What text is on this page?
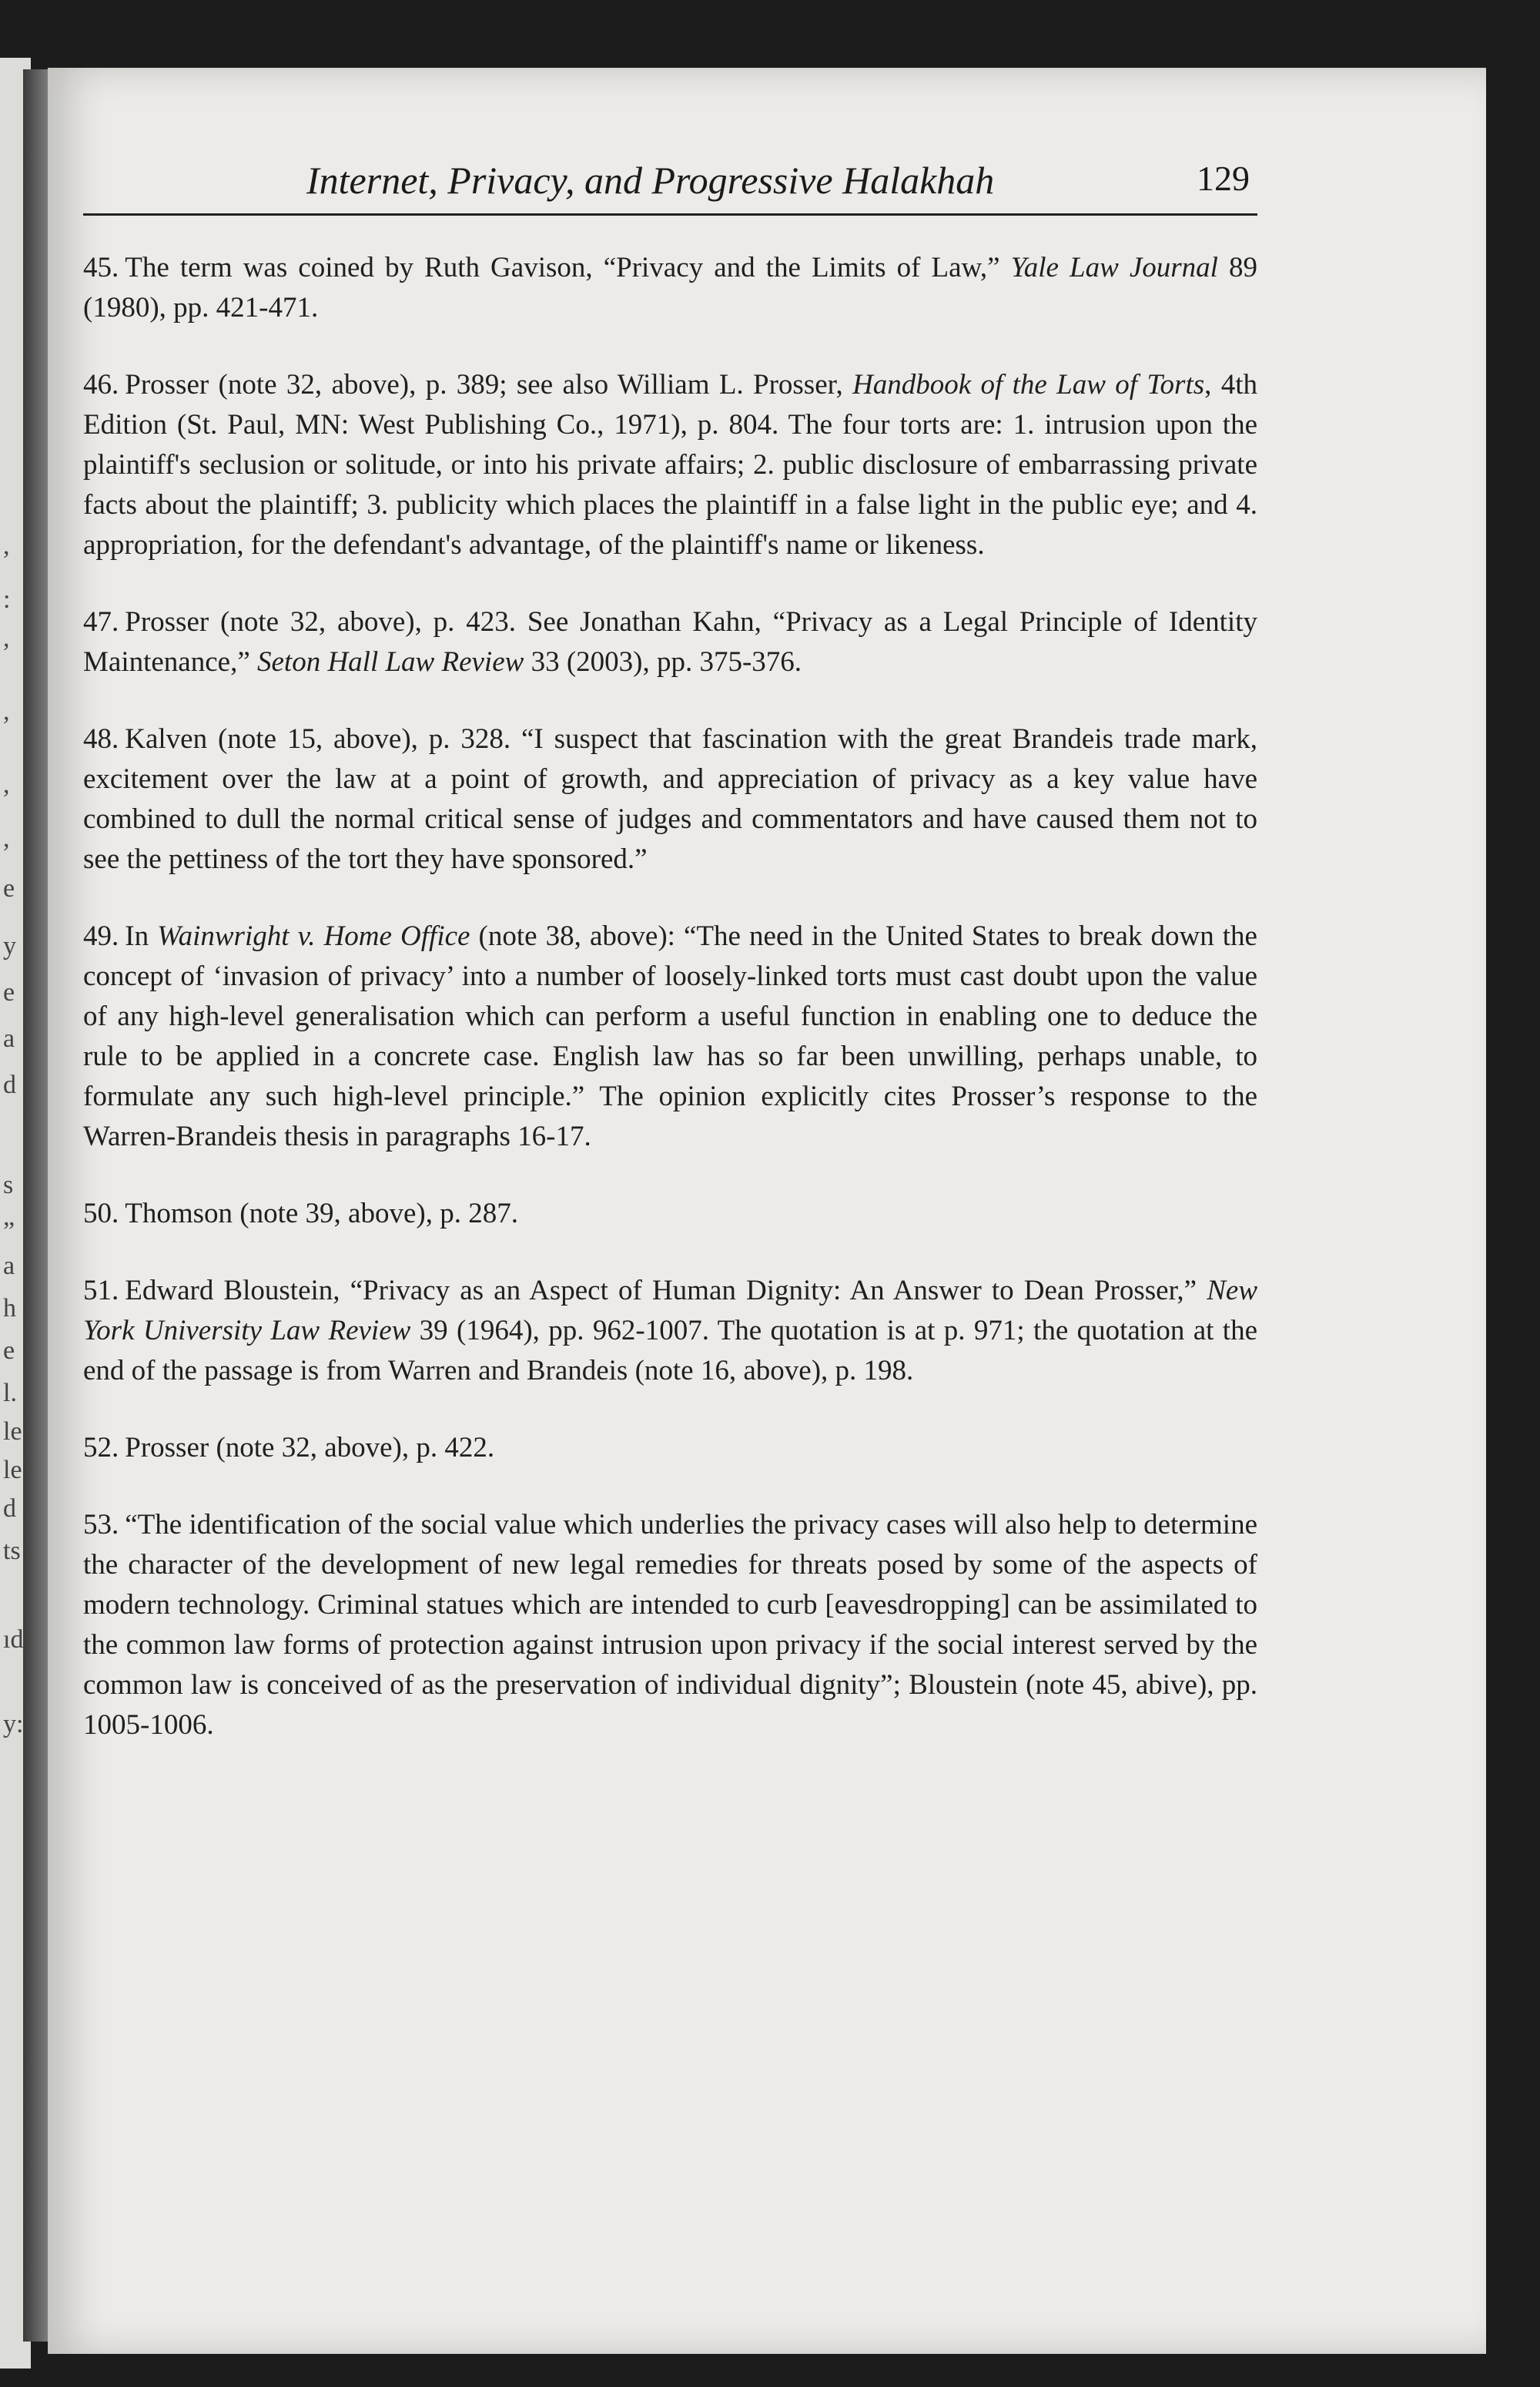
,
:
,
,
,
,
e
y
e
a
d
s
”
a
h
e
l.
le
le
d
ts
ıd
y:
Internet, Privacy, and Progressive Halakhah	129

45. The term was coined by Ruth Gavison, “Privacy and the Limits of Law,” Yale Law Journal 89 (1980), pp. 421-471.

46. Prosser (note 32, above), p. 389; see also William L. Prosser, Handbook of the Law of Torts, 4th Edition (St. Paul, MN: West Publishing Co., 1971), p. 804. The four torts are: 1. intrusion upon the plaintiff's seclusion or solitude, or into his private affairs; 2. public disclosure of embarrassing private facts about the plaintiff; 3. publicity which places the plaintiff in a false light in the public eye; and 4. appropriation, for the defendant's advantage, of the plaintiff's name or likeness.

47. Prosser (note 32, above), p. 423. See Jonathan Kahn, “Privacy as a Legal Principle of Identity Maintenance,” Seton Hall Law Review 33 (2003), pp. 375-376.

48. Kalven (note 15, above), p. 328. “I suspect that fascination with the great Brandeis trade mark, excitement over the law at a point of growth, and appreciation of privacy as a key value have combined to dull the normal critical sense of judges and commentators and have caused them not to see the pettiness of the tort they have sponsored.”

49. In Wainwright v. Home Office (note 38, above): “The need in the United States to break down the concept of ‘invasion of privacy’ into a number of loosely-linked torts must cast doubt upon the value of any high-level generalisation which can perform a useful function in enabling one to deduce the rule to be applied in a concrete case. English law has so far been unwilling, perhaps unable, to formulate any such high-level principle.” The opinion explicitly cites Prosser’s response to the Warren-Brandeis thesis in paragraphs 16-17.

50. Thomson (note 39, above), p. 287.

51. Edward Bloustein, “Privacy as an Aspect of Human Dignity: An Answer to Dean Prosser,” New York University Law Review 39 (1964), pp. 962-1007. The quotation is at p. 971; the quotation at the end of the passage is from Warren and Brandeis (note 16, above), p. 198.

52. Prosser (note 32, above), p. 422.

53. “The identification of the social value which underlies the privacy cases will also help to determine the character of the development of new legal remedies for threats posed by some of the aspects of modern technology. Criminal statues which are intended to curb [eavesdropping] can be assimilated to the common law forms of protection against intrusion upon privacy if the social interest served by the common law is conceived of as the preservation of individual dignity”; Bloustein (note 45, abive), pp. 1005-1006.
